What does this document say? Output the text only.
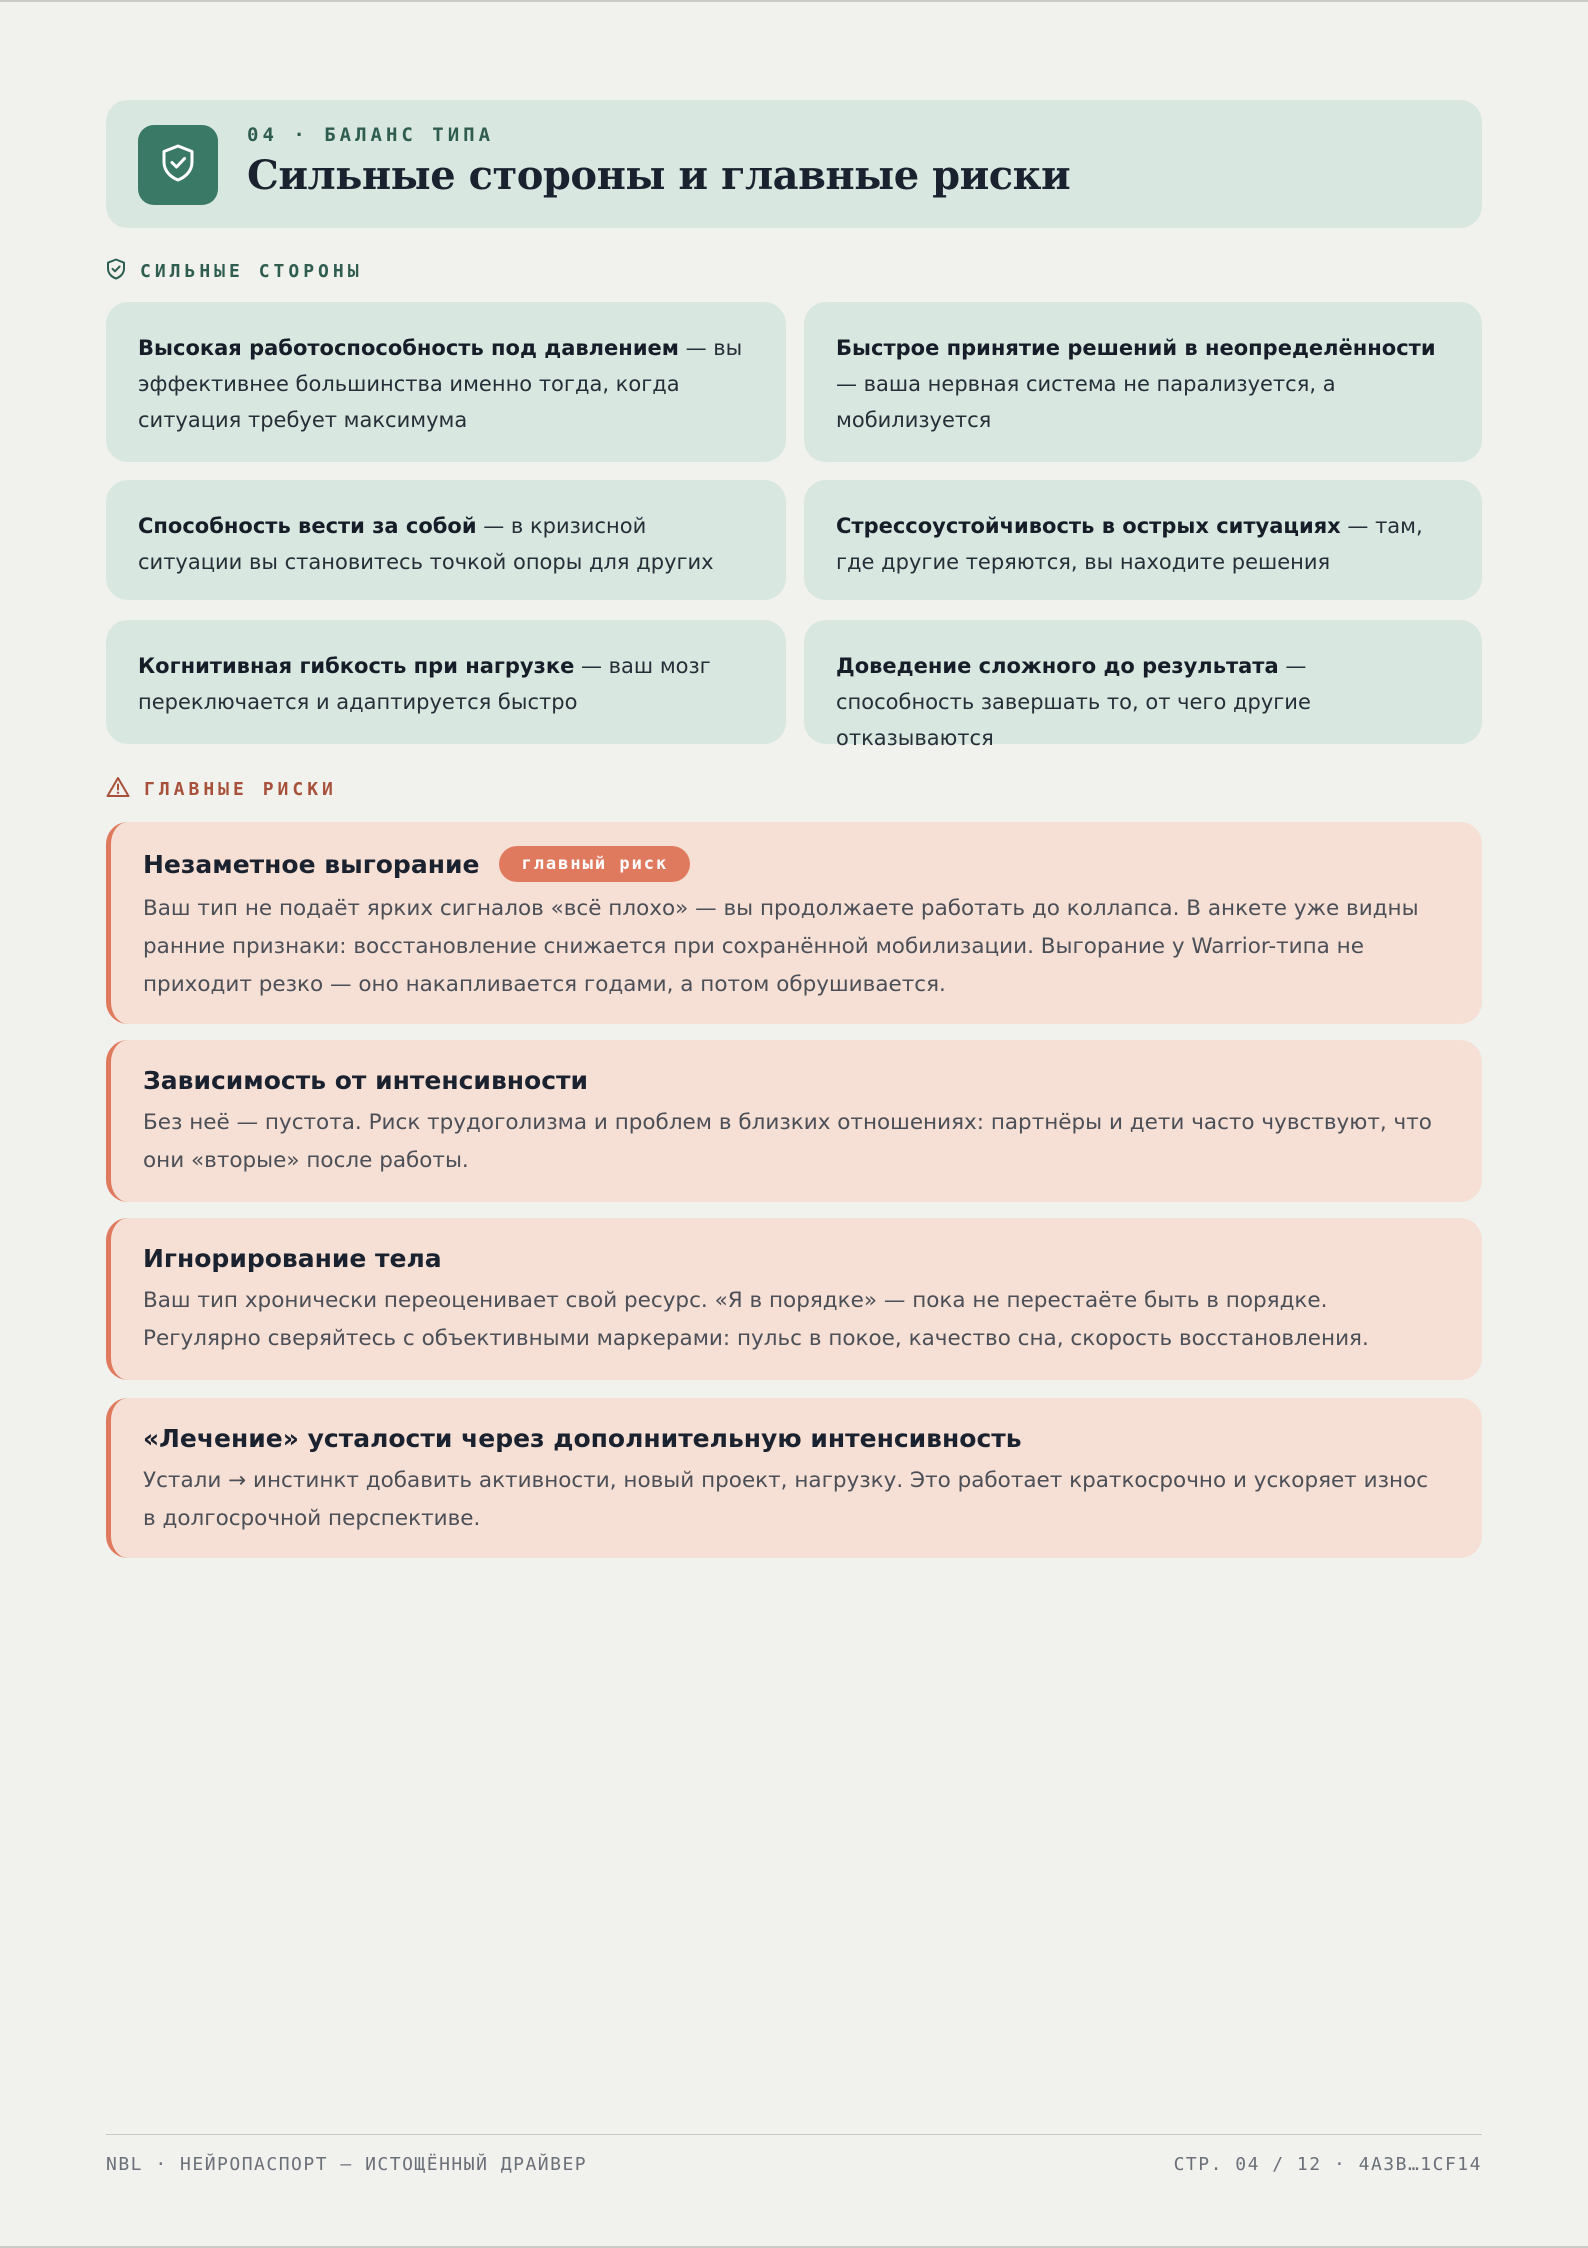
04 · БАЛАНС ТИПА
Сильные стороны и главные риски
СИЛЬНЫЕ СТОРОНЫ
Высокая работоспособность под давлением — вы эффективнее большинства именно тогда, когда ситуация требует максимума
Быстрое принятие решений в неопределённости — ваша нервная система не парализуется, а мобилизуется
Способность вести за собой — в кризисной ситуации вы становитесь точкой опоры для других
Стрессоустойчивость в острых ситуациях — там, где другие теряются, вы находите решения
Когнитивная гибкость при нагрузке — ваш мозг переключается и адаптируется быстро
Доведение сложного до результата — способность завершать то, от чего другие отказываются
ГЛАВНЫЕ РИСКИ
Незаметное выгорание	главный риск
Ваш тип не подаёт ярких сигналов «всё плохо» — вы продолжаете работать до коллапса. В анкете уже видны ранние признаки: восстановление снижается при сохранённой мобилизации. Выгорание у Warrior-типа не приходит резко — оно накапливается годами, а потом обрушивается.
Зависимость от интенсивности
Без неё — пустота. Риск трудоголизма и проблем в близких отношениях: партнёры и дети часто чувствуют, что они «вторые» после работы.
Игнорирование тела
Ваш тип хронически переоценивает свой ресурс. «Я в порядке» — пока не перестаёте быть в порядке. Регулярно сверяйтесь с объективными маркерами: пульс в покое, качество сна, скорость восстановления.
«Лечение» усталости через дополнительную интенсивность
Устали → инстинкт добавить активности, новый проект, нагрузку. Это работает краткосрочно и ускоряет износ в долгосрочной перспективе.
NBL · НЕЙРОПАСПОРТ — ИСТОЩЁННЫЙ ДРАЙВЕР	СТР. 04 / 12 · 4A3B…1CF14
